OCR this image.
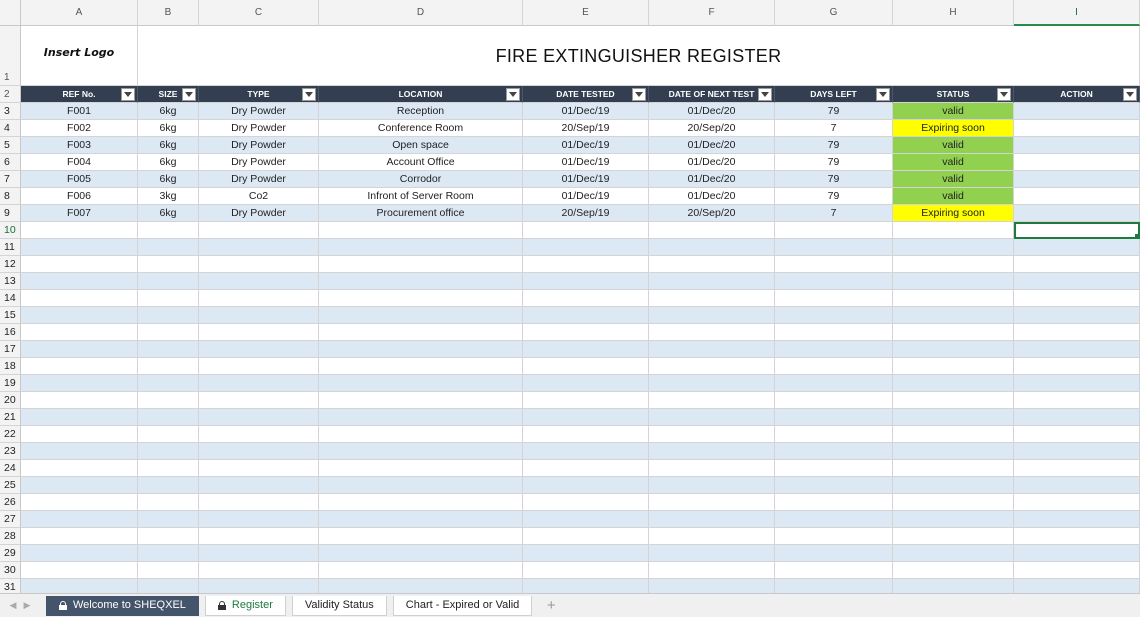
A	B	C	D	E	F	G	H	I
1
Insert Logo	FIRE EXTINGUISHER REGISTER
2	REF No.	SIZE	TYPE	LOCATION	DATE TESTED	DATE OF NEXT TEST	DAYS LEFT	STATUS	ACTION
3	F001	6kg	Dry Powder	Reception	01/Dec/19	01/Dec/20	79	valid
4	F002	6kg	Dry Powder	Conference Room	20/Sep/19	20/Sep/20	7	Expiring soon
5	F003	6kg	Dry Powder	Open space	01/Dec/19	01/Dec/20	79	valid
6	F004	6kg	Dry Powder	Account Office	01/Dec/19	01/Dec/20	79	valid
7	F005	6kg	Dry Powder	Corrodor	01/Dec/19	01/Dec/20	79	valid
8	F006	3kg	Co2	Infront of Server Room	01/Dec/19	01/Dec/20	79	valid
9	F007	6kg	Dry Powder	Procurement office	20/Sep/19	20/Sep/20	7	Expiring soon
10
11
12
13
14
15
16
17
18
19
20
21
22
23
24
25
26
27
28
29
30
31
◀ ▶	Welcome to SHEQXEL	Register	Validity Status	Chart - Expired or Valid	+
